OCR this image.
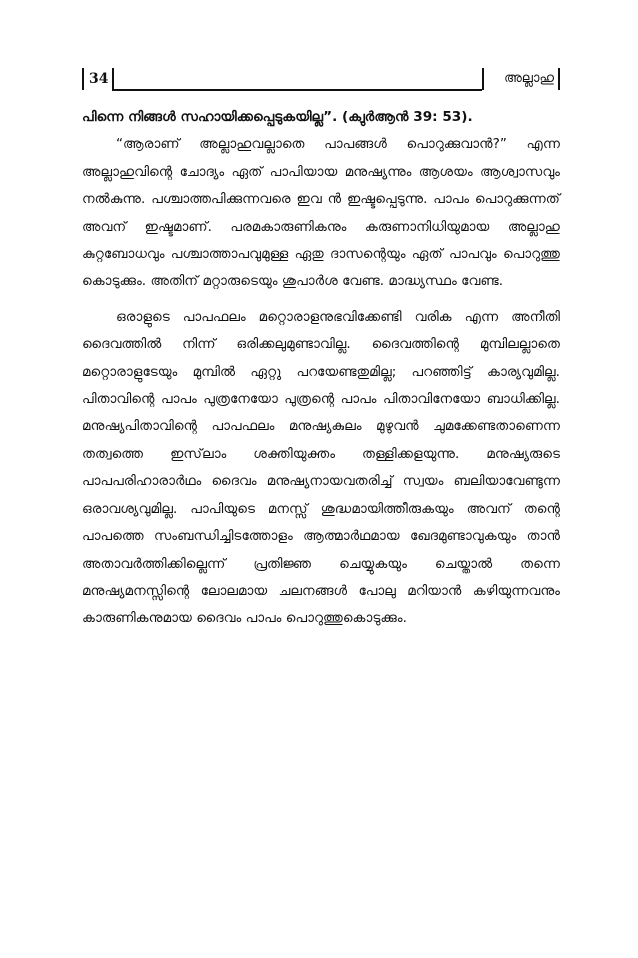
34	അല്ലാഹു

പിന്നെ നിങ്ങൾ സഹായിക്കപ്പെടുകയില്ല”. (ക്വുർആൻ 39: 53).

“ആരാണ് അല്ലാഹുവല്ലാതെ പാപങ്ങൾ പൊറുക്കുവാൻ?” എന്ന അല്ലാഹുവിന്റെ ചോദ്യം ഏത് പാപിയായ മനുഷ്യന്നും ആശയം ആശ്വാസവും നൽകുന്നു. പശ്ചാത്തപിക്കുന്നവരെ ഇവ ൻ ഇഷ്ടപ്പെടുന്നു. പാപം പൊറുക്കുന്നത് അവന് ഇഷ്ടമാണ്. പരമകാരുണികനും കരുണാനിധിയുമായ അല്ലാഹു കുറ്റബോധവും പശ്ചാത്താപവുമുള്ള ഏതു ദാസന്റെയും ഏത് പാപവും പൊറുത്തു കൊടുക്കും. അതിന് മറ്റാരുടെയും ശുപാർശ വേണ്ട. മാദ്ധ്യസ്ഥം വേണ്ട.

ഒരാളുടെ പാപഫലം മറ്റൊരാളനുഭവിക്കേണ്ടി വരിക എന്ന അനീതി ദൈവത്തിൽ നിന്ന് ഒരിക്കലുമുണ്ടാവില്ല. ദൈവത്തിന്റെ മുമ്പിലല്ലാതെ മറ്റൊരാളുടേയും മുമ്പിൽ ഏറ്റു പറയേണ്ടതുമില്ല; പറഞ്ഞിട്ട് കാര്യവുമില്ല. പിതാവിന്റെ പാപം പുത്രനേയോ പുത്രന്റെ പാപം പിതാവിനേയോ ബാധിക്കില്ല. മനുഷ്യപിതാവിന്റെ പാപഫലം മനുഷ്യകുലം മുഴുവൻ ചുമക്കേണ്ടതാണെന്ന തത്വത്തെ ഇസ്‌ലാം ശക്തിയുക്തം തള്ളിക്കളയുന്നു. മനുഷ്യരുടെ പാപപരിഹാരാർഥം ദൈവം മനുഷ്യനായവതരിച്ച് സ്വയം ബലിയാവേണ്ടുന്ന ഒരാവശ്യവുമില്ല. പാപിയുടെ മനസ്സ് ശുദ്ധമായിത്തീരുകയും അവന് തന്റെ പാപത്തെ സംബന്ധിച്ചിടത്തോളം ആത്മാർഥമായ ഖേദമുണ്ടാവുകയും താൻ അതാവർത്തിക്കില്ലെന്ന് പ്രതിജ്ഞ ചെയ്യുകയും ചെയ്താൽ തന്നെ മനുഷ്യമനസ്സിന്റെ ലോലമായ ചലനങ്ങൾ പോലു മറിയാൻ കഴിയുന്നവനും കാരുണികനുമായ ദൈവം പാപം പൊറുത്തുകൊടുക്കും.
